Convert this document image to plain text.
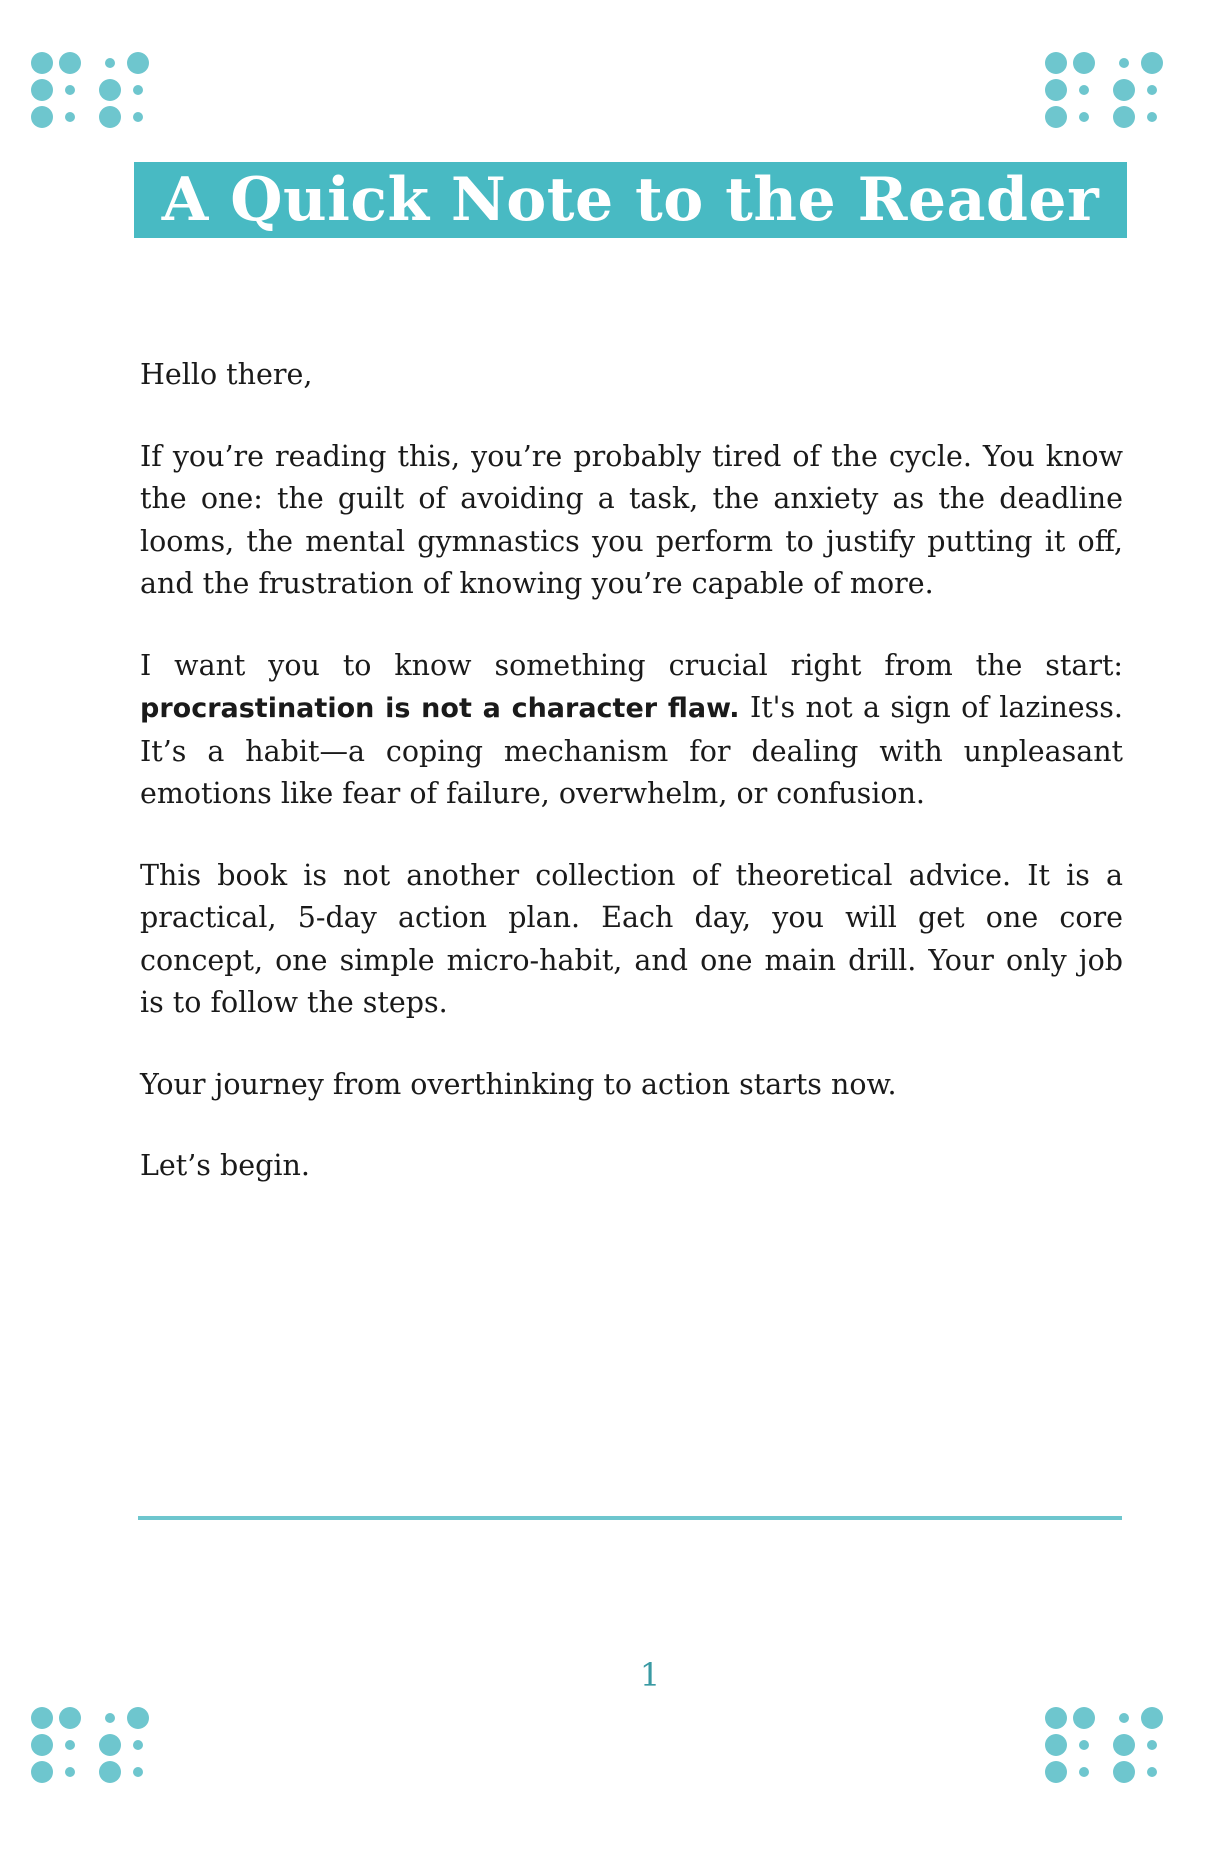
A Quick Note to the Reader

Hello there,

If you’re reading this, you’re probably tired of the cycle. You know the one: the guilt of avoiding a task, the anxiety as the deadline looms, the mental gymnastics you perform to justify putting it off, and the frustration of knowing you’re capable of more.

I want you to know something crucial right from the start: procrastination is not a character flaw. It's not a sign of laziness. It’s a habit—a coping mechanism for dealing with unpleasant emotions like fear of failure, overwhelm, or confusion.

This book is not another collection of theoretical advice. It is a practical, 5-day action plan. Each day, you will get one core concept, one simple micro-habit, and one main drill. Your only job is to follow the steps.

Your journey from overthinking to action starts now.

Let’s begin.

1
